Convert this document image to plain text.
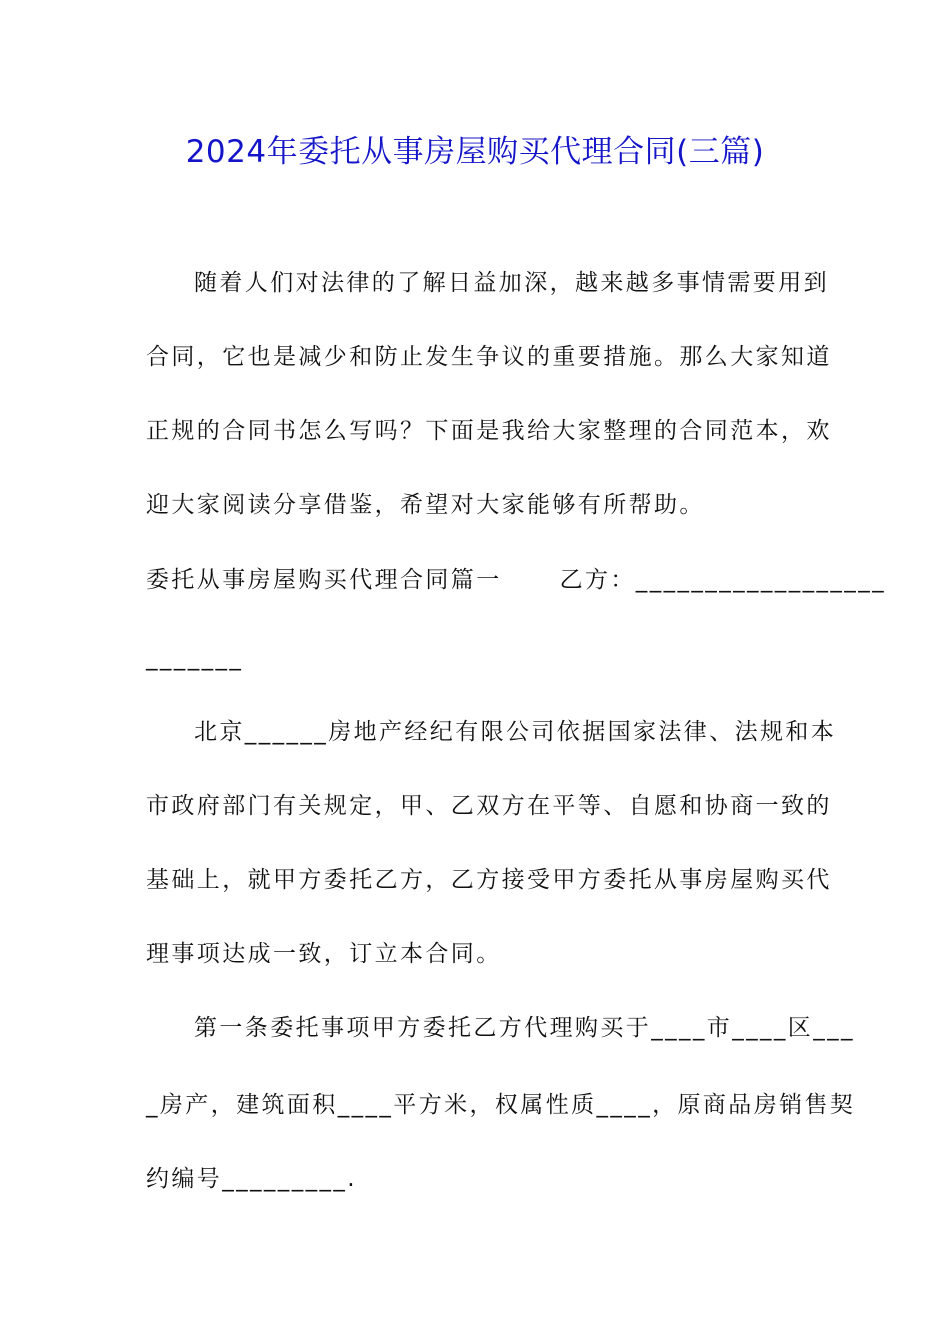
2024年委托从事房屋购买代理合同(三篇)
随着人们对法律的了解日益加深，越来越多事情需要用到
合同，它也是减少和防止发生争议的重要措施。那么大家知道
正规的合同书怎么写吗？下面是我给大家整理的合同范本，欢
迎大家阅读分享借鉴，希望对大家能够有所帮助。
委托从事房屋购买代理合同篇一	乙方：__________________
_______
北京______房地产经纪有限公司依据国家法律、法规和本
市政府部门有关规定，甲、乙双方在平等、自愿和协商一致的
基础上，就甲方委托乙方，乙方接受甲方委托从事房屋购买代
理事项达成一致，订立本合同。
第一条委托事项甲方委托乙方代理购买于____市____区___
_房产，建筑面积____平方米，权属性质____，原商品房销售契
约编号_________.
